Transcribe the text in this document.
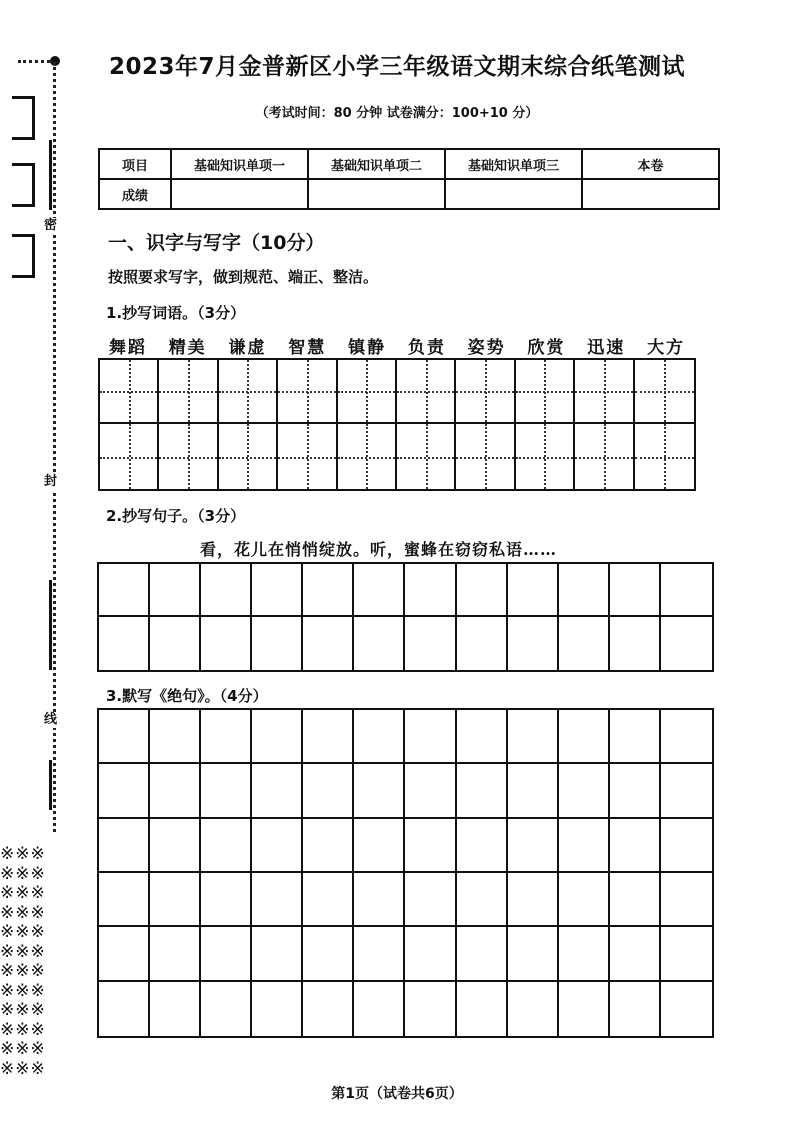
密
封
线
※※※
※※※
※※※
※※※
※※※
※※※
※※※
※※※
※※※
※※※
※※※
※※※
2023年7月金普新区小学三年级语文期末综合纸笔测试
（考试时间：80 分钟 试卷满分：100+10 分）
项目	基础知识单项一	基础知识单项二	基础知识单项三	本卷
成绩				
一、识字与写字（10分）
按照要求写字，做到规范、端正、整洁。
1.抄写词语。（3分）
舞蹈	精美	谦虚	智慧	镇静	负责	姿势	欣赏	迅速	大方
2.抄写句子。（3分）
看，花儿在悄悄绽放。听，蜜蜂在窃窃私语……
3.默写《绝句》。（4分）
第1页（试卷共6页）
